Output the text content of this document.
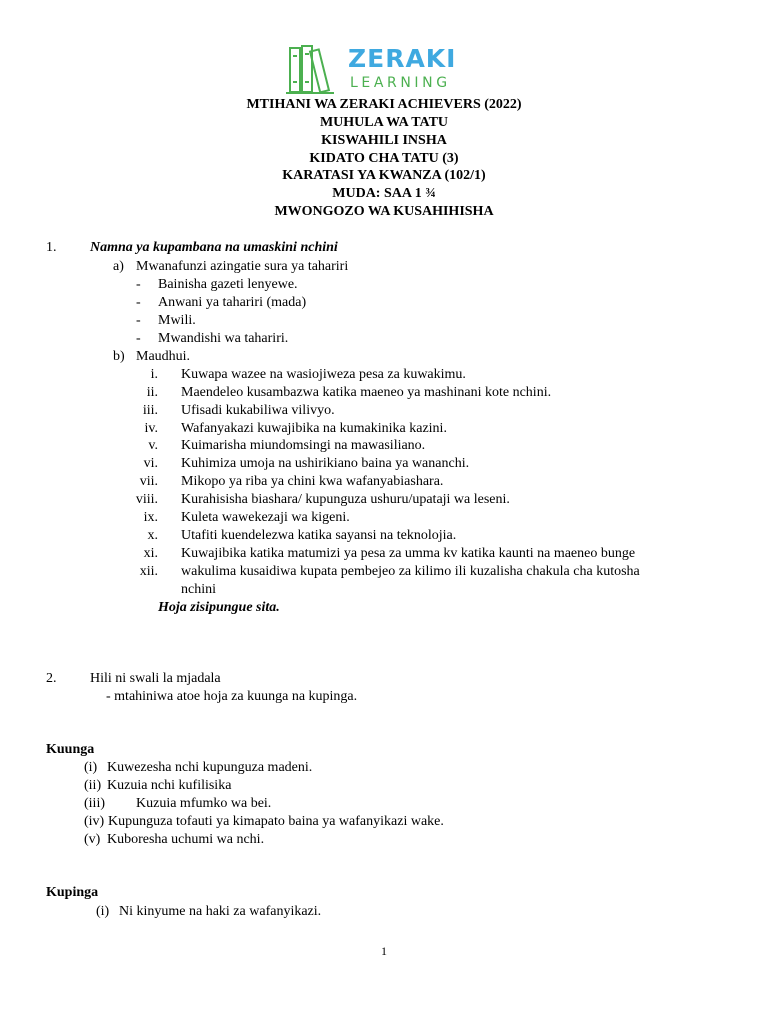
ZERAKI
LEARNING
MTIHANI WA ZERAKI ACHIEVERS (2022)
MUHULA WA TATU
KISWAHILI INSHA
KIDATO CHA TATU (3)
KARATASI YA KWANZA (102/1)
MUDA: SAA 1 ¾
MWONGOZO WA KUSAHIHISHA
1. Namna ya kupambana na umaskini nchini
a) Mwanafunzi azingatie sura ya tahariri
- Bainisha gazeti lenyewe.
- Anwani ya tahariri (mada)
- Mwili.
- Mwandishi wa tahariri.
b) Maudhui.
i. Kuwapa wazee na wasiojiweza pesa za kuwakimu.
ii. Maendeleo kusambazwa katika maeneo ya mashinani kote nchini.
iii. Ufisadi kukabiliwa vilivyo.
iv. Wafanyakazi kuwajibika na kumakinika kazini.
v. Kuimarisha miundomsingi na mawasiliano.
vi. Kuhimiza umoja na ushirikiano baina ya wananchi.
vii. Mikopo ya riba ya chini kwa wafanyabiashara.
viii. Kurahisisha biashara/ kupunguza ushuru/upataji wa leseni.
ix. Kuleta wawekezaji wa kigeni.
x. Utafiti kuendelezwa katika sayansi na teknolojia.
xi. Kuwajibika katika matumizi ya pesa za umma kv katika kaunti na maeneo bunge
xii. wakulima kusaidiwa kupata pembejeo za kilimo ili kuzalisha chakula cha kutosha
nchini
Hoja zisipungue sita.
2. Hili ni swali la mjadala
- mtahiniwa atoe hoja za kuunga na kupinga.
Kuunga
(i) Kuwezesha nchi kupunguza madeni.
(ii) Kuzuia nchi kufilisika
(iii) Kuzuia mfumko wa bei.
(iv) Kupunguza tofauti ya kimapato baina ya wafanyikazi wake.
(v) Kuboresha uchumi wa nchi.
Kupinga
(i) Ni kinyume na haki za wafanyikazi.
1
